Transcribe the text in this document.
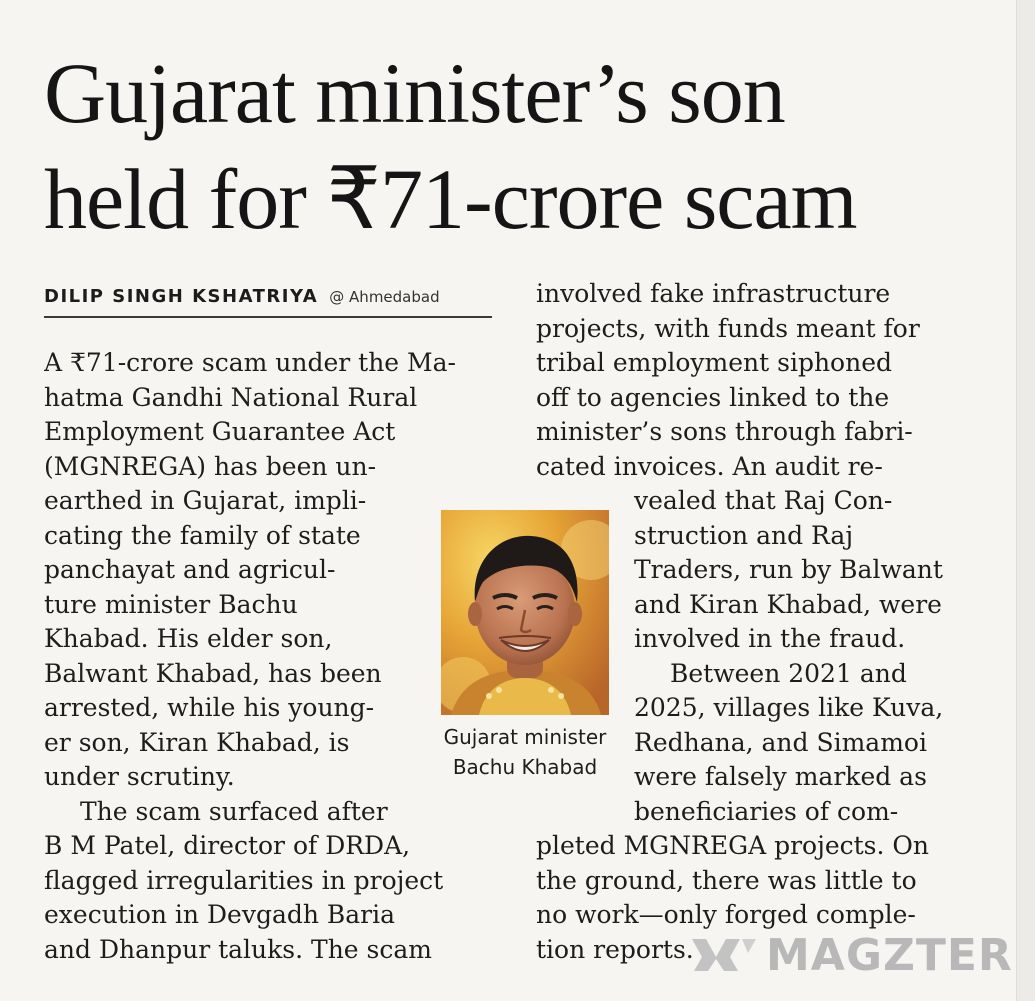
Gujarat minister’s son
held for ₹71-crore scam
DILIP SINGH KSHATRIYA @ Ahmedabad
A ₹71-crore scam under the Ma-
hatma Gandhi National Rural
Employment Guarantee Act
(MGNREGA) has been un-
earthed in Gujarat, impli-
cating the family of state
panchayat and agricul-
ture minister Bachu
Khabad. His elder son,
Balwant Khabad, has been
arrested, while his young-
er son, Kiran Khabad, is
under scrutiny.
The scam surfaced after
B M Patel, director of DRDA,
flagged irregularities in project
execution in Devgadh Baria
and Dhanpur taluks. The scam
involved fake infrastructure
projects, with funds meant for
tribal employment siphoned
off to agencies linked to the
minister’s sons through fabri-
cated invoices. An audit re-
vealed that Raj Con-
struction and Raj
Traders, run by Balwant
and Kiran Khabad, were
involved in the fraud.
Between 2021 and
2025, villages like Kuva,
Redhana, and Simamoi
were falsely marked as
beneficiaries of com-
pleted MGNREGA projects. On
the ground, there was little to
no work—only forged comple-
tion reports.
Gujarat minister
Bachu Khabad
MAGZTER
